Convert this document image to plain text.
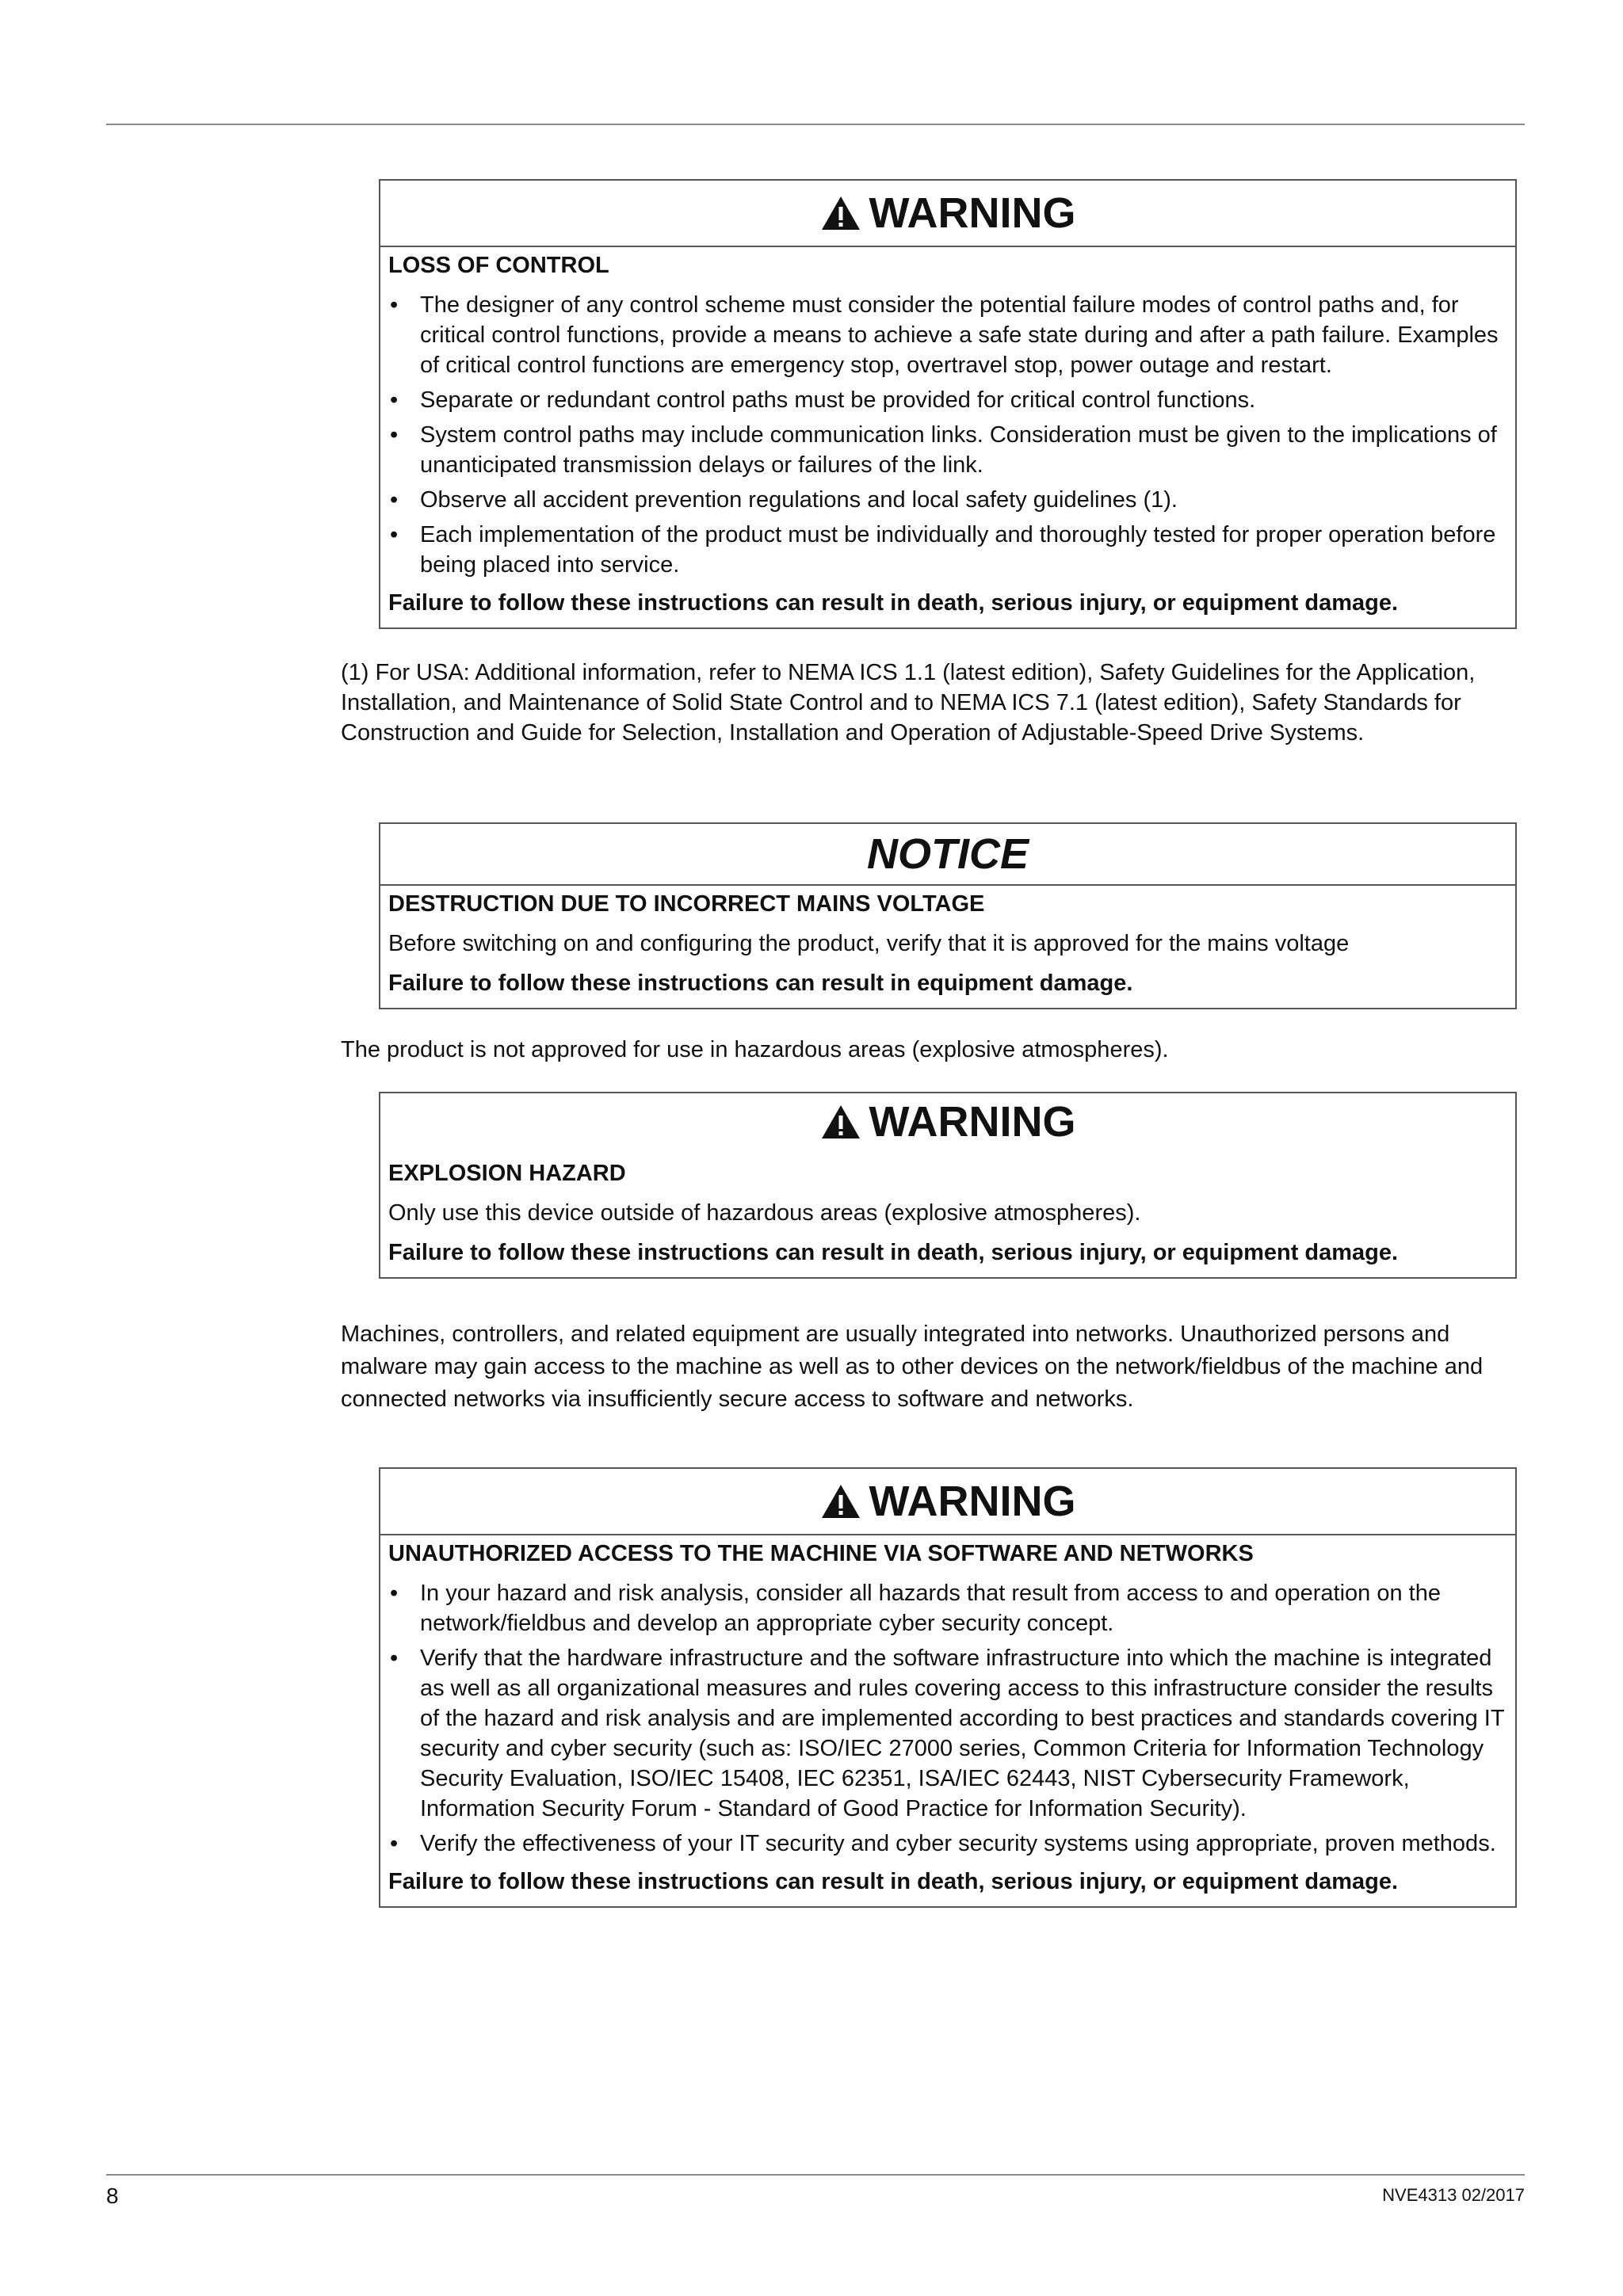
WARNING

LOSS OF CONTROL

• The designer of any control scheme must consider the potential failure modes of control paths and, for critical control functions, provide a means to achieve a safe state during and after a path failure. Examples of critical control functions are emergency stop, overtravel stop, power outage and restart.
• Separate or redundant control paths must be provided for critical control functions.
• System control paths may include communication links. Consideration must be given to the implications of unanticipated transmission delays or failures of the link.
• Observe all accident prevention regulations and local safety guidelines (1).
• Each implementation of the product must be individually and thoroughly tested for proper operation before being placed into service.

Failure to follow these instructions can result in death, serious injury, or equipment damage.

(1) For USA: Additional information, refer to NEMA ICS 1.1 (latest edition), Safety Guidelines for the Application, Installation, and Maintenance of Solid State Control and to NEMA ICS 7.1 (latest edition), Safety Standards for Construction and Guide for Selection, Installation and Operation of Adjustable-Speed Drive Systems.

NOTICE

DESTRUCTION DUE TO INCORRECT MAINS VOLTAGE

Before switching on and configuring the product, verify that it is approved for the mains voltage

Failure to follow these instructions can result in equipment damage.

The product is not approved for use in hazardous areas (explosive atmospheres).

WARNING

EXPLOSION HAZARD

Only use this device outside of hazardous areas (explosive atmospheres).

Failure to follow these instructions can result in death, serious injury, or equipment damage.

Machines, controllers, and related equipment are usually integrated into networks. Unauthorized persons and malware may gain access to the machine as well as to other devices on the network/fieldbus of the machine and connected networks via insufficiently secure access to software and networks.

WARNING

UNAUTHORIZED ACCESS TO THE MACHINE VIA SOFTWARE AND NETWORKS

• In your hazard and risk analysis, consider all hazards that result from access to and operation on the network/fieldbus and develop an appropriate cyber security concept.
• Verify that the hardware infrastructure and the software infrastructure into which the machine is integrated as well as all organizational measures and rules covering access to this infrastructure consider the results of the hazard and risk analysis and are implemented according to best practices and standards covering IT security and cyber security (such as: ISO/IEC 27000 series, Common Criteria for Information Technology Security Evaluation, ISO/IEC 15408, IEC 62351, ISA/IEC 62443, NIST Cybersecurity Framework, Information Security Forum - Standard of Good Practice for Information Security).
• Verify the effectiveness of your IT security and cyber security systems using appropriate, proven methods.

Failure to follow these instructions can result in death, serious injury, or equipment damage.

8	NVE4313 02/2017
